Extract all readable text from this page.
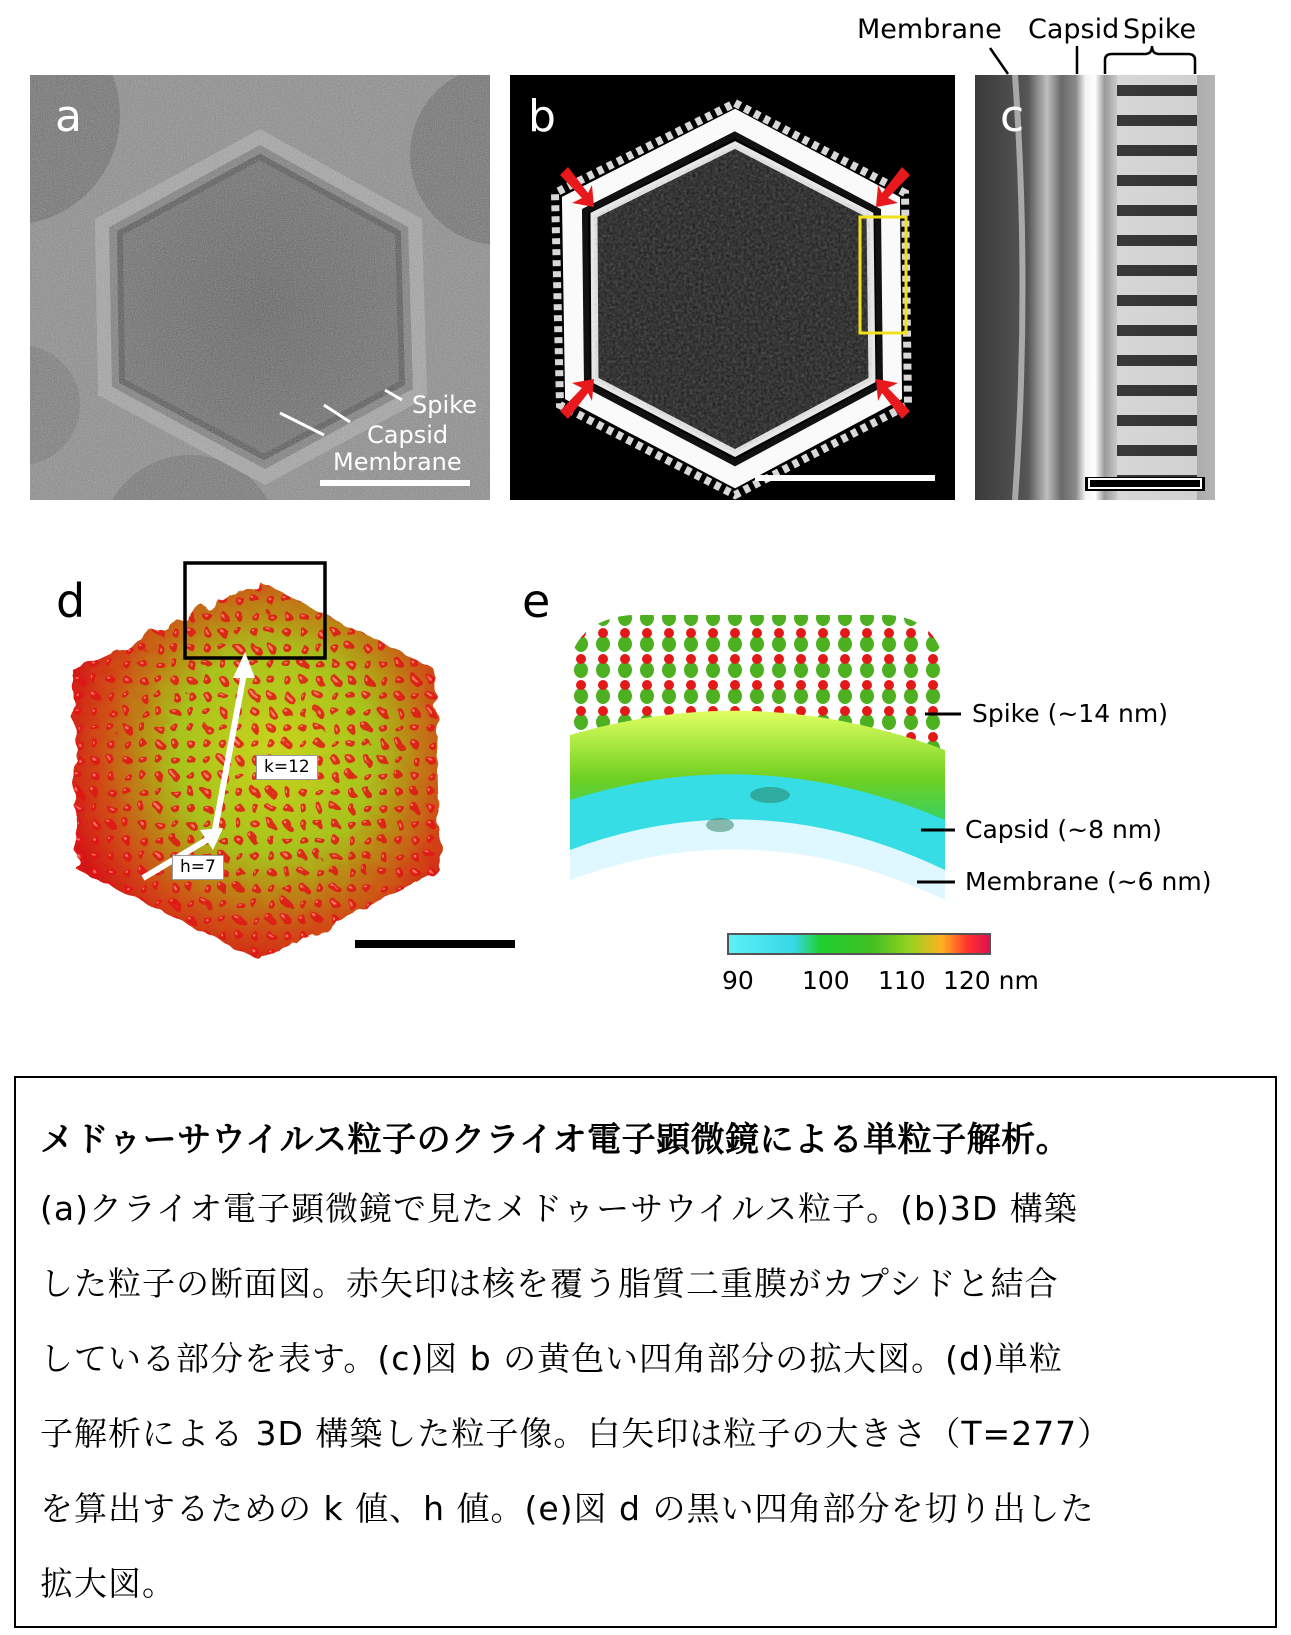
a
Spike
Capsid
Membrane
b
Membrane Capsid Spike
c
d
k=12
h=7
e
Spike (~14 nm)
Capsid (~8 nm)
Membrane (~6 nm)
90 100 110 120 nm
メドゥーサウイルス粒子のクライオ電子顕微鏡による単粒子解析。
(a)クライオ電子顕微鏡で見たメドゥーサウイルス粒子。(b)3D 構築
した粒子の断面図。赤矢印は核を覆う脂質二重膜がカプシドと結合
している部分を表す。(c)図 b の黄色い四角部分の拡大図。(d)単粒
子解析による 3D 構築した粒子像。白矢印は粒子の大きさ（T=277）
を算出するための k 値、h 値。(e)図 d の黒い四角部分を切り出した
拡大図。
